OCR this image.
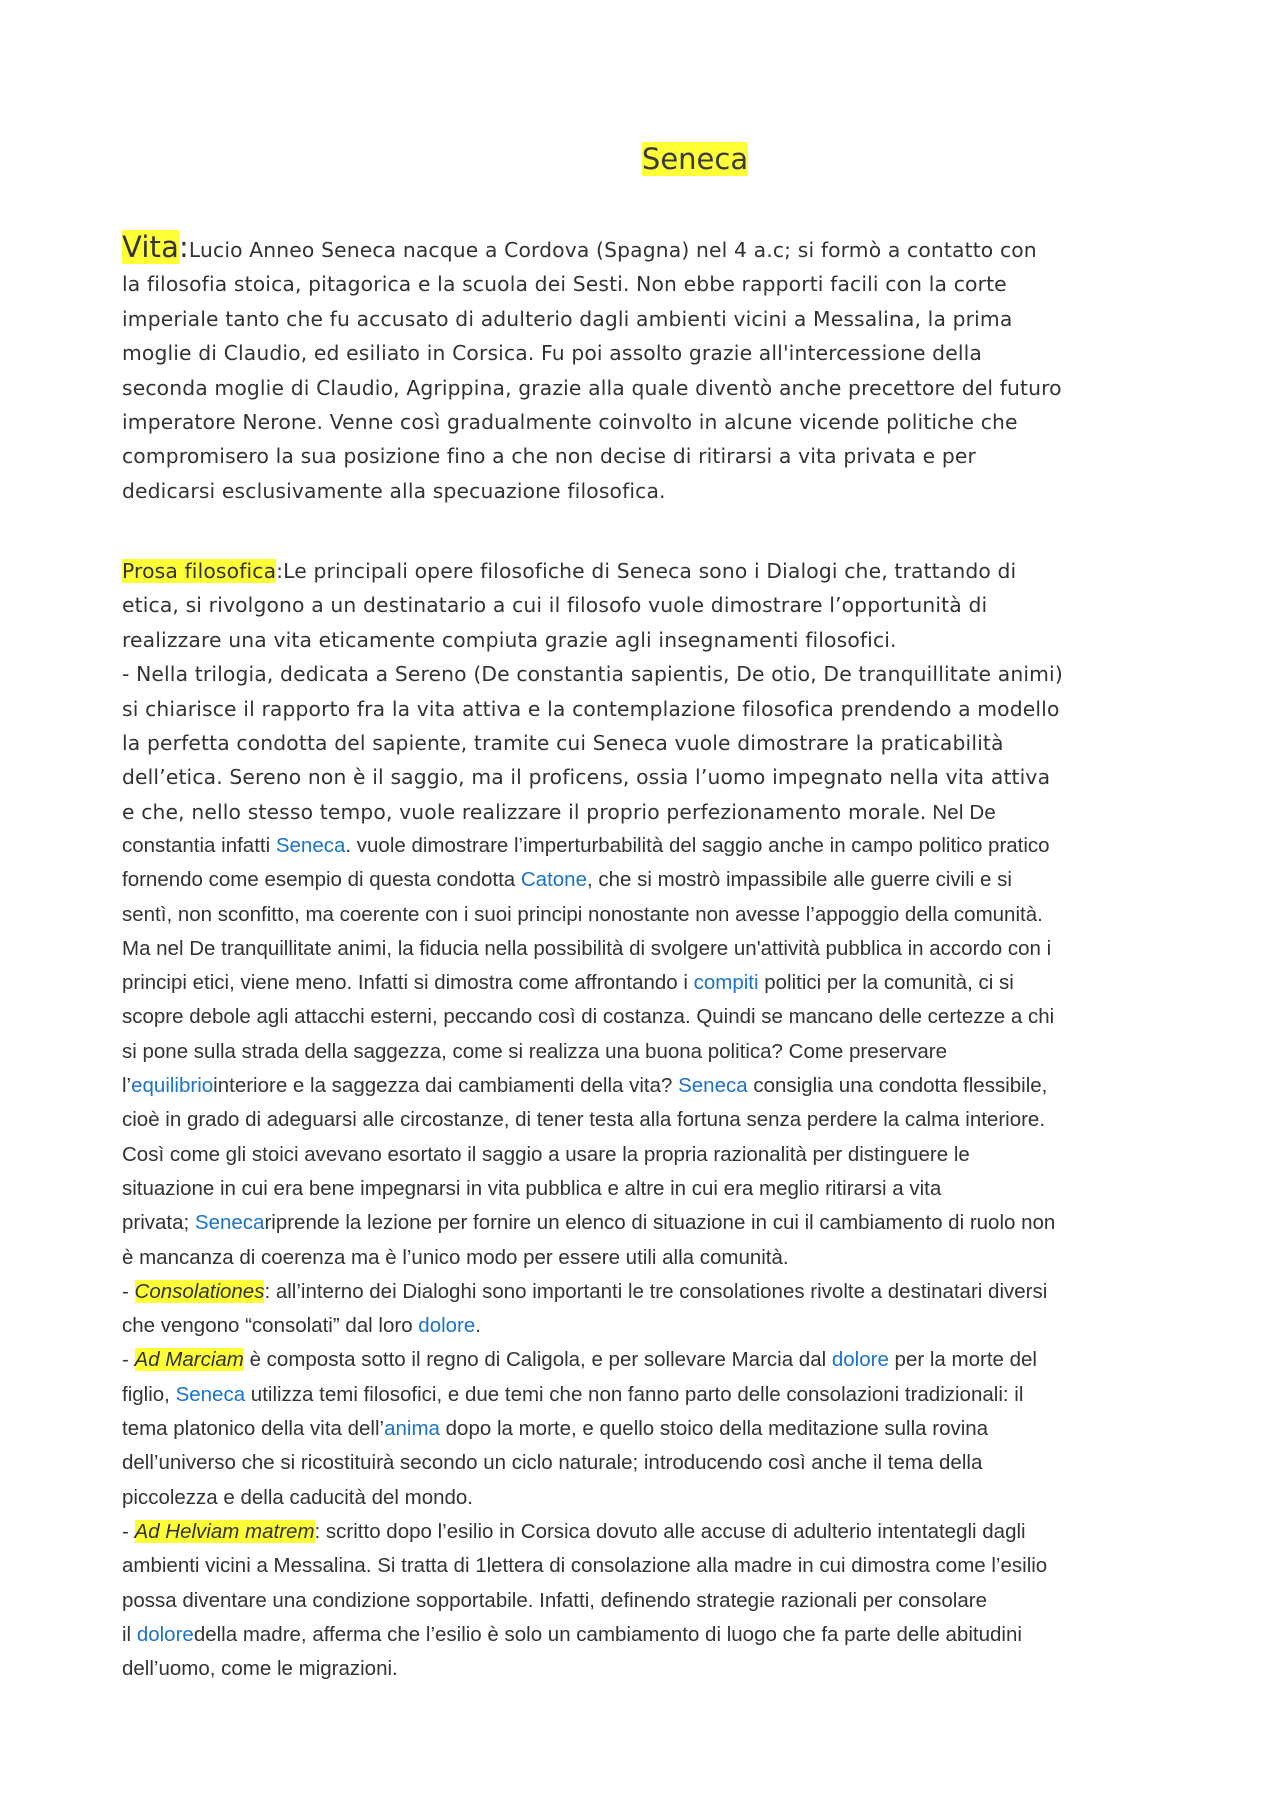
Seneca
Vita:Lucio Anneo Seneca nacque a Cordova (Spagna) nel 4 a.c; si formò a contatto con
la filosofia stoica, pitagorica e la scuola dei Sesti. Non ebbe rapporti facili con la corte
imperiale tanto che fu accusato di adulterio dagli ambienti vicini a Messalina, la prima
moglie di Claudio, ed esiliato in Corsica. Fu poi assolto grazie all'intercessione della
seconda moglie di Claudio, Agrippina, grazie alla quale diventò anche precettore del futuro
imperatore Nerone. Venne così gradualmente coinvolto in alcune vicende politiche che
compromisero la sua posizione fino a che non decise di ritirarsi a vita privata e per
dedicarsi esclusivamente alla specuazione filosofica.
Prosa filosofica:Le principali opere filosofiche di Seneca sono i Dialogi che, trattando di
etica, si rivolgono a un destinatario a cui il filosofo vuole dimostrare l’opportunità di
realizzare una vita eticamente compiuta grazie agli insegnamenti filosofici.
- Nella trilogia, dedicata a Sereno (De constantia sapientis, De otio, De tranquillitate animi)
si chiarisce il rapporto fra la vita attiva e la contemplazione filosofica prendendo a modello
la perfetta condotta del sapiente, tramite cui Seneca vuole dimostrare la praticabilità
dell’etica. Sereno non è il saggio, ma il proficens, ossia l’uomo impegnato nella vita attiva
e che, nello stesso tempo, vuole realizzare il proprio perfezionamento morale. Nel De
constantia infatti Seneca. vuole dimostrare l’imperturbabilità del saggio anche in campo politico pratico
fornendo come esempio di questa condotta Catone, che si mostrò impassibile alle guerre civili e si
sentì, non sconfitto, ma coerente con i suoi principi nonostante non avesse l’appoggio della comunità.
Ma nel De tranquillitate animi, la fiducia nella possibilità di svolgere un'attività pubblica in accordo con i
principi etici, viene meno. Infatti si dimostra come affrontando i compiti politici per la comunità, ci si
scopre debole agli attacchi esterni, peccando così di costanza. Quindi se mancano delle certezze a chi
si pone sulla strada della saggezza, come si realizza una buona politica? Come preservare
l’equilibriointeriore e la saggezza dai cambiamenti della vita? Seneca consiglia una condotta flessibile,
cioè in grado di adeguarsi alle circostanze, di tener testa alla fortuna senza perdere la calma interiore.
Così come gli stoici avevano esortato il saggio a usare la propria razionalità per distinguere le
situazione in cui era bene impegnarsi in vita pubblica e altre in cui era meglio ritirarsi a vita
privata; Senecariprende la lezione per fornire un elenco di situazione in cui il cambiamento di ruolo non
è mancanza di coerenza ma è l’unico modo per essere utili alla comunità.
- Consolationes: all’interno dei Dialoghi sono importanti le tre consolationes rivolte a destinatari diversi
che vengono “consolati” dal loro dolore.
- Ad Marciam è composta sotto il regno di Caligola, e per sollevare Marcia dal dolore per la morte del
figlio, Seneca utilizza temi filosofici, e due temi che non fanno parto delle consolazioni tradizionali: il
tema platonico della vita dell’anima dopo la morte, e quello stoico della meditazione sulla rovina
dell’universo che si ricostituirà secondo un ciclo naturale; introducendo così anche il tema della
piccolezza e della caducità del mondo.
- Ad Helviam matrem: scritto dopo l’esilio in Corsica dovuto alle accuse di adulterio intentategli dagli
ambienti vicini a Messalina. Si tratta di 1lettera di consolazione alla madre in cui dimostra come l’esilio
possa diventare una condizione sopportabile. Infatti, definendo strategie razionali per consolare
il doloredella madre, afferma che l’esilio è solo un cambiamento di luogo che fa parte delle abitudini
dell’uomo, come le migrazioni.
